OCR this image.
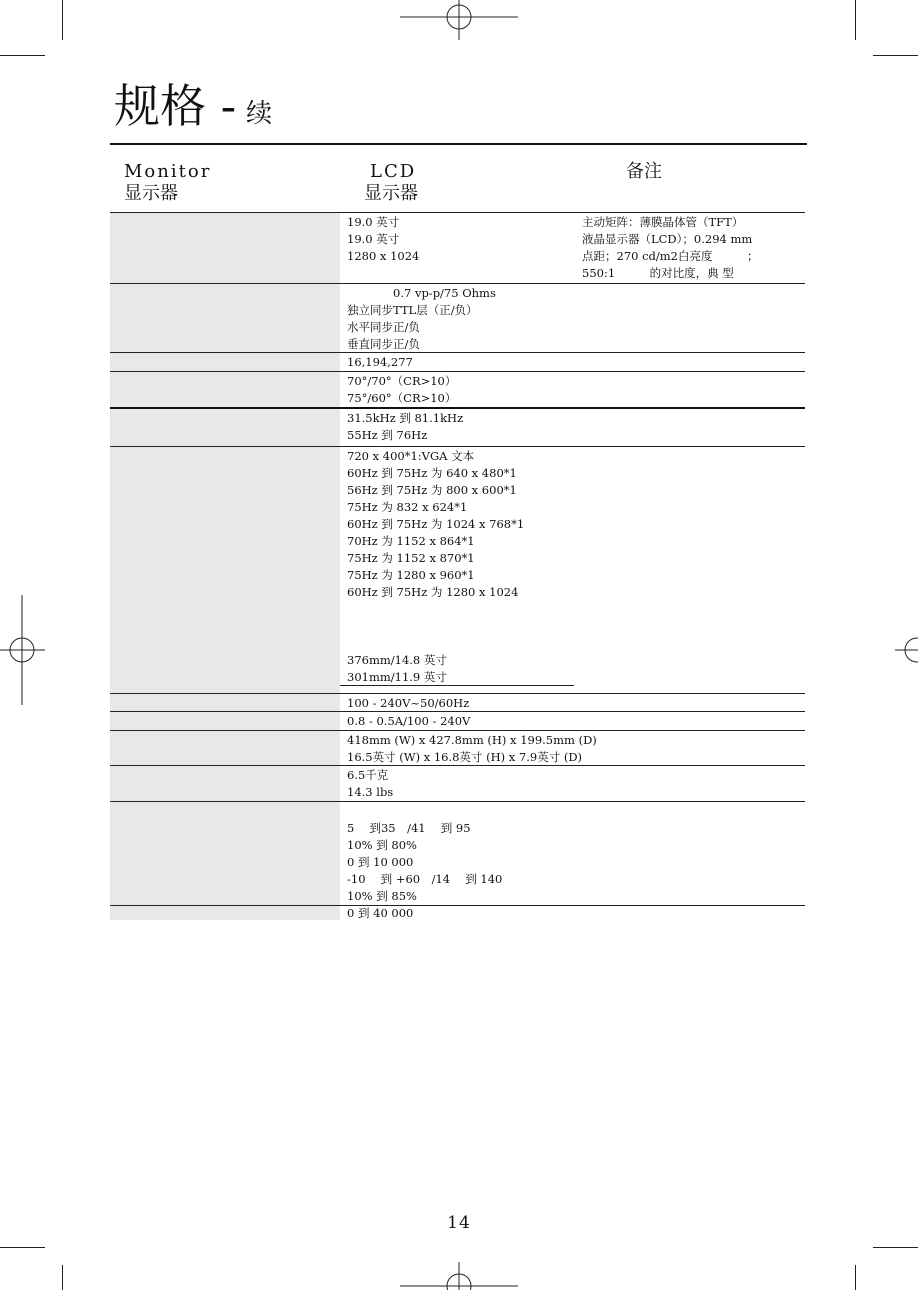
规格 - 续
Monitor
显示器
LCD
显示器
备注
19.0 英寸
19.0 英寸
1280 x 1024
主动矩阵：薄膜晶体管（TFT）
液晶显示器（LCD）；0.294 mm
点距；270 cd/m2白亮度　　　；
550:1　　　的对比度，典 型
　　　　0.7 vp-p/75 Ohms
独立同步TTL层（正/负）
水平同步正/负
垂直同步正/负
16,194,277
70°/70°（CR>10）
75°/60°（CR>10）
31.5kHz 到 81.1kHz
55Hz 到 76Hz
720 x 400*1:VGA 文本
60Hz 到 75Hz 为 640 x 480*1
56Hz 到 75Hz 为 800 x 600*1
75Hz 为 832 x 624*1
60Hz 到 75Hz 为 1024 x 768*1
70Hz 为 1152 x 864*1
75Hz 为 1152 x 870*1
75Hz 为 1280 x 960*1
60Hz 到 75Hz 为 1280 x 1024

376mm/14.8 英寸
301mm/11.9 英寸
100 - 240V~50/60Hz
0.8 - 0.5A/100 - 240V
418mm (W) x 427.8mm (H) x 199.5mm (D)
16.5英寸 (W) x 16.8英寸 (H) x 7.9英寸 (D)
6.5千克
14.3 lbs

5　 到35　/41　 到 95
10% 到 80%
0 到 10 000
-10　 到 +60　/14　 到 140
10% 到 85%
0 到 40 000
14
